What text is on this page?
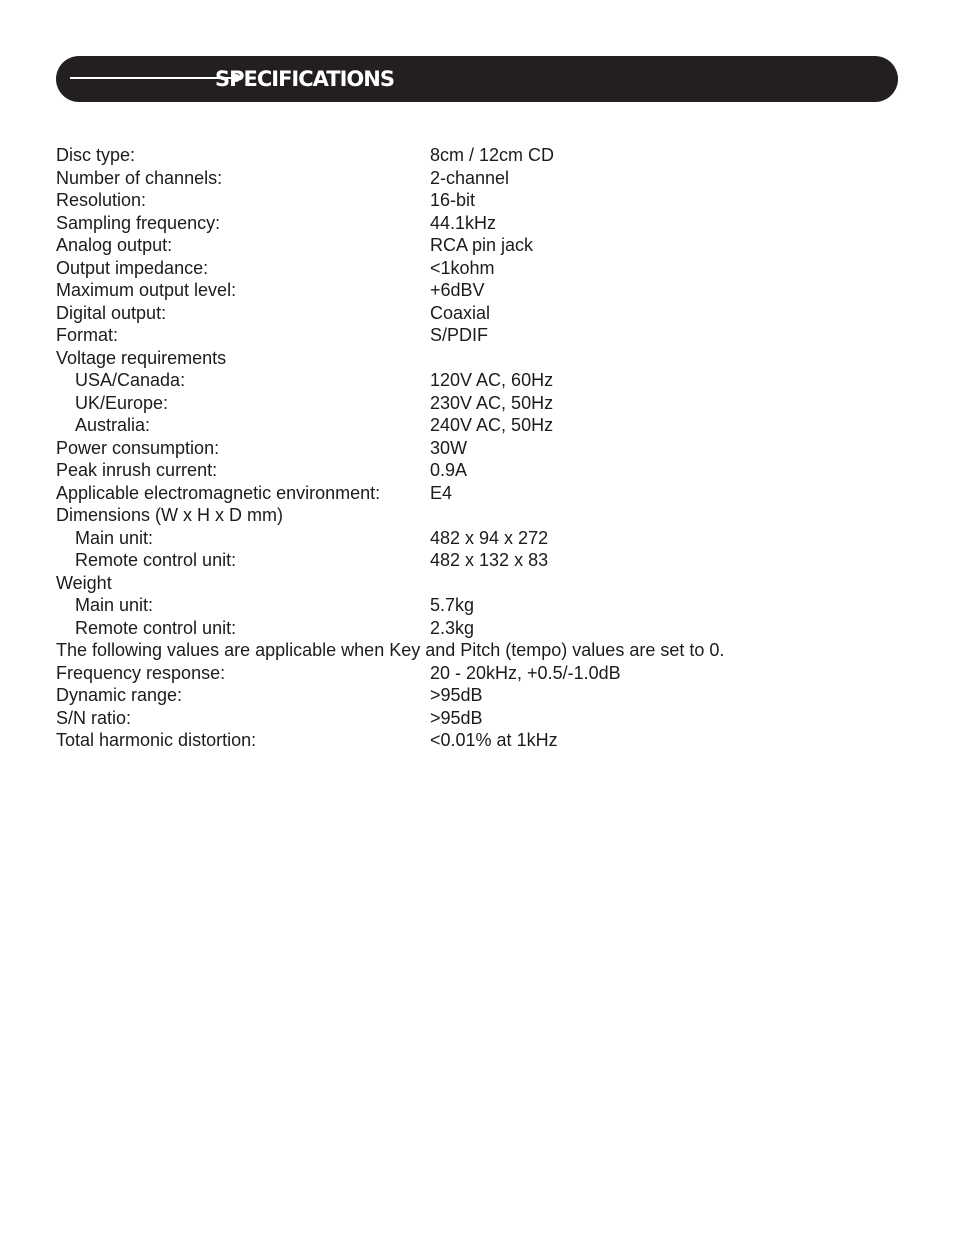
SPECIFICATIONS
Disc type:	8cm / 12cm CD
Number of channels:	2-channel
Resolution:	16-bit
Sampling frequency:	44.1kHz
Analog output:	RCA pin jack
Output impedance:	<1kohm
Maximum output level:	+6dBV
Digital output:	Coaxial
Format:	S/PDIF
Voltage requirements
USA/Canada:	120V AC, 60Hz
UK/Europe:	230V AC, 50Hz
Australia:	240V AC, 50Hz
Power consumption:	30W
Peak inrush current:	0.9A
Applicable electromagnetic environment:	E4
Dimensions (W x H x D mm)
Main unit:	482 x 94 x 272
Remote control unit:	482 x 132 x 83
Weight
Main unit:	5.7kg
Remote control unit:	2.3kg
The following values are applicable when Key and Pitch (tempo) values are set to 0.
Frequency response:	20 - 20kHz, +0.5/-1.0dB
Dynamic range:	>95dB
S/N ratio:	>95dB
Total harmonic distortion:	<0.01% at 1kHz
